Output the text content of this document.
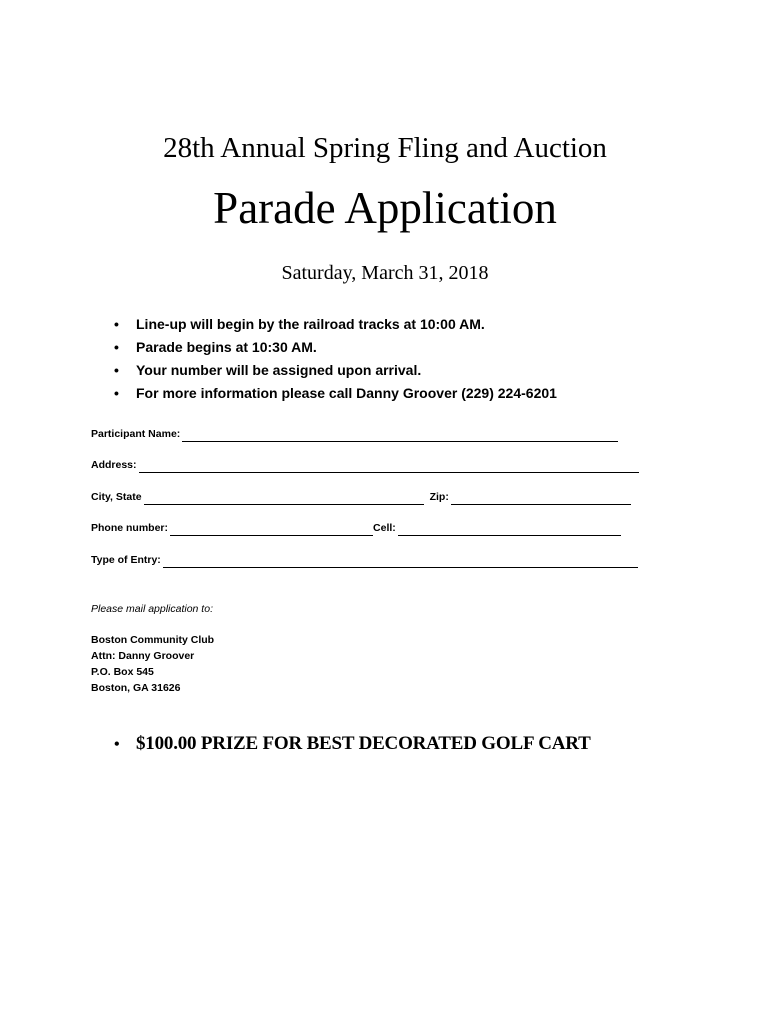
28th Annual Spring Fling and Auction
Parade Application
Saturday, March 31, 2018
• Line-up will begin by the railroad tracks at 10:00 AM.
• Parade begins at 10:30 AM.
• Your number will be assigned upon arrival.
• For more information please call Danny Groover (229) 224-6201
Participant Name:
Address:
City, State	Zip:
Phone number:	Cell:
Type of Entry:
Please mail application to:
Boston Community Club
Attn: Danny Groover
P.O. Box 545
Boston, GA 31626
• $100.00 PRIZE FOR BEST DECORATED GOLF CART
